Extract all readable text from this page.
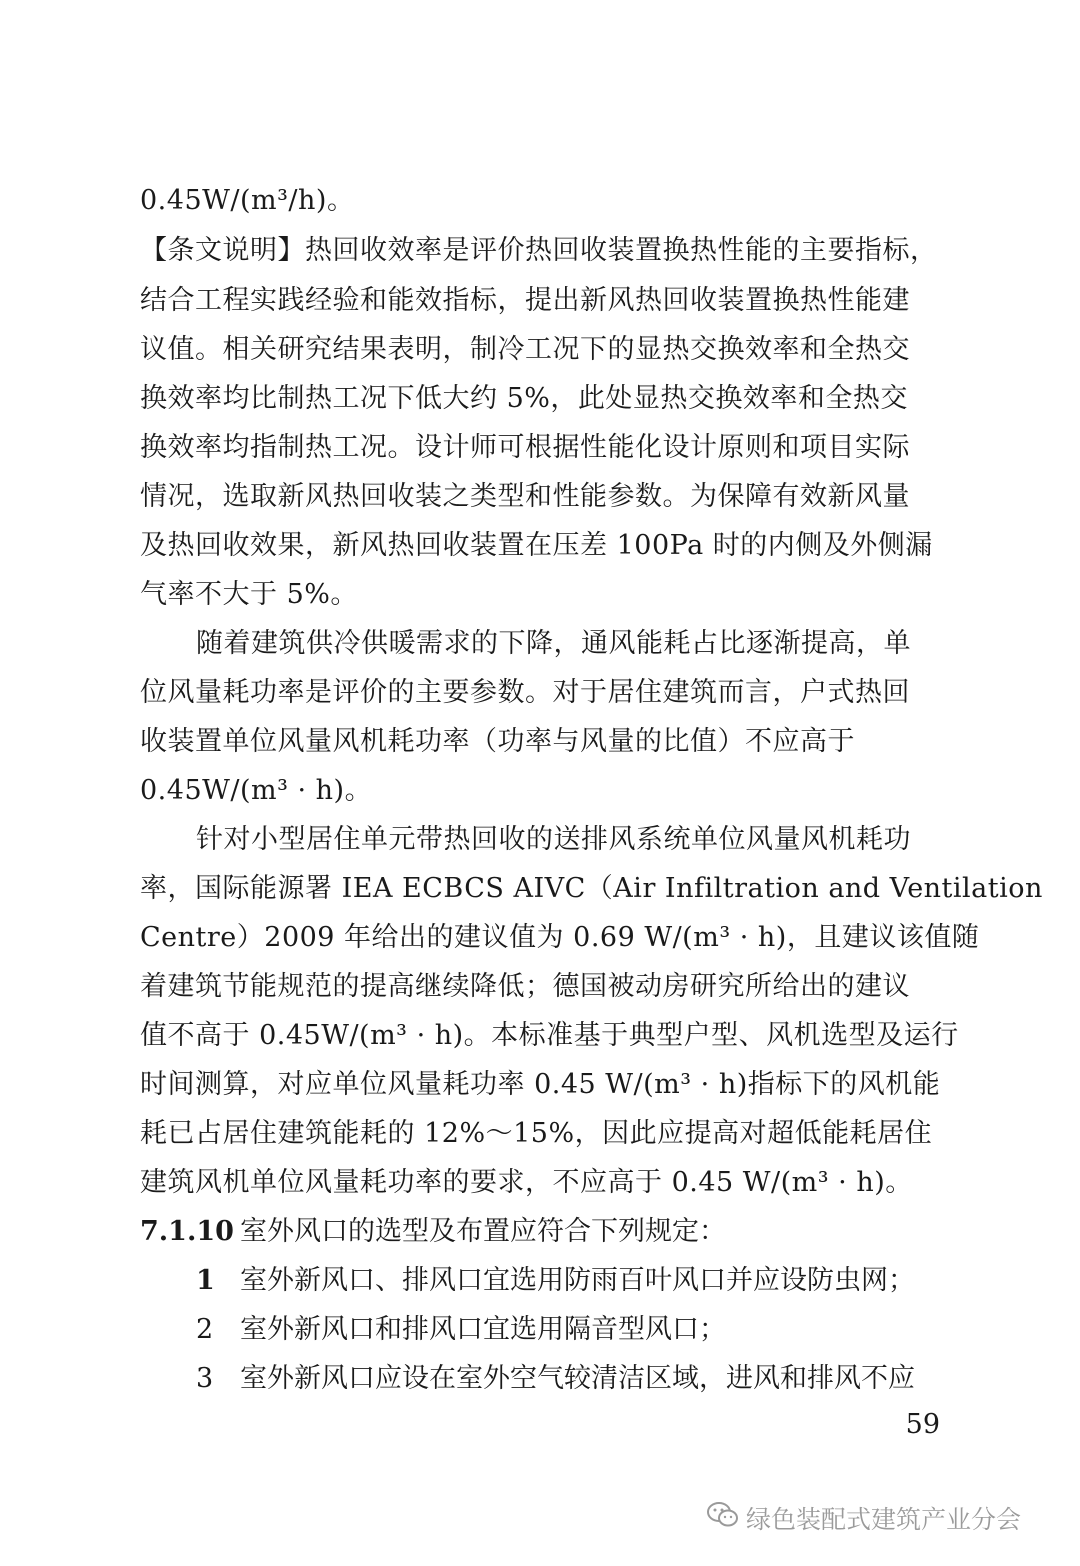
0.45W/(m³/h)。
【条文说明】热回收效率是评价热回收装置换热性能的主要指标，
结合工程实践经验和能效指标，提出新风热回收装置换热性能建
议值。相关研究结果表明，制冷工况下的显热交换效率和全热交
换效率均比制热工况下低大约 5%，此处显热交换效率和全热交
换效率均指制热工况。设计师可根据性能化设计原则和项目实际
情况，选取新风热回收装之类型和性能参数。为保障有效新风量
及热回收效果，新风热回收装置在压差 100Pa 时的内侧及外侧漏
气率不大于 5%。
随着建筑供冷供暖需求的下降，通风能耗占比逐渐提高，单
位风量耗功率是评价的主要参数。对于居住建筑而言，户式热回
收装置单位风量风机耗功率（功率与风量的比值）不应高于
0.45W/(m³ · h)。
针对小型居住单元带热回收的送排风系统单位风量风机耗功
率，国际能源署 IEA ECBCS AIVC（Air Infiltration and Ventilation
Centre）2009 年给出的建议值为 0.69 W/(m³ · h)，且建议该值随
着建筑节能规范的提高继续降低；德国被动房研究所给出的建议
值不高于 0.45W/(m³ · h)。本标准基于典型户型、风机选型及运行
时间测算，对应单位风量耗功率 0.45 W/(m³ · h)指标下的风机能
耗已占居住建筑能耗的 12%～15%，因此应提高对超低能耗居住
建筑风机单位风量耗功率的要求，不应高于 0.45 W/(m³ · h)。
7.1.10 室外风口的选型及布置应符合下列规定：
1 室外新风口、排风口宜选用防雨百叶风口并应设防虫网；
2 室外新风口和排风口宜选用隔音型风口；
3 室外新风口应设在室外空气较清洁区域，进风和排风不应
59
绿色装配式建筑产业分会
